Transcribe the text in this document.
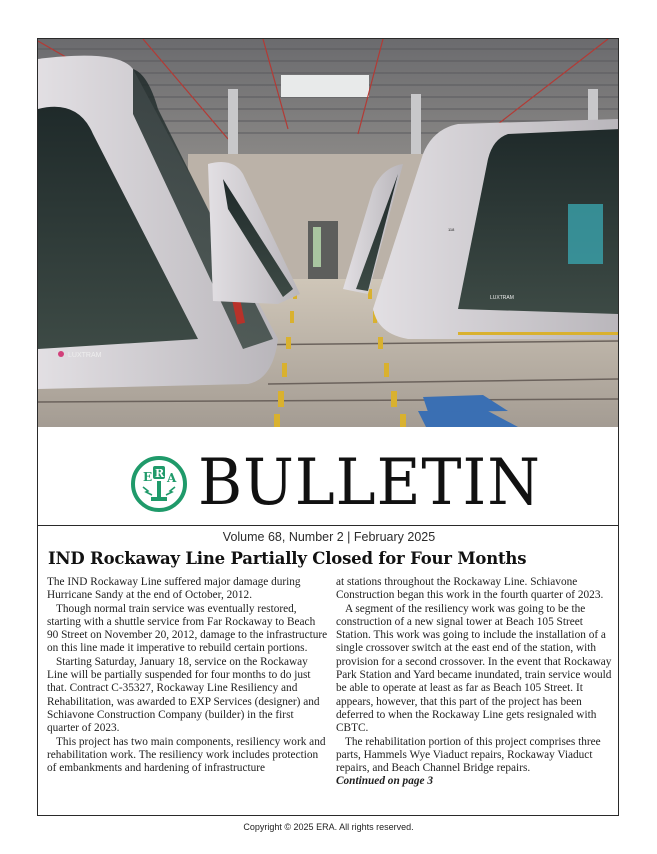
LUXTRAM
LUXTRAM
118
E R A BULLETIN
Volume 68, Number 2 | February 2025
IND Rockaway Line Partially Closed for Four Months

The IND Rockaway Line suffered major damage during Hurricane Sandy at the end of October, 2012.

Though normal train service was eventually restored, starting with a shuttle service from Far Rockaway to Beach 90 Street on November 20, 2012, damage to the infrastructure on this line made it imperative to rebuild certain portions.

Starting Saturday, January 18, service on the Rockaway Line will be partially suspended for four months to do just that. Contract C-35327, Rockaway Line Resiliency and Rehabilitation, was awarded to EXP Services (designer) and Schiavone Construction Company (builder) in the first quarter of 2023.

This project has two main components, resiliency work and rehabilitation work. The resiliency work includes protection of embankments and hardening of infrastructure

at stations throughout the Rockaway Line. Schiavone Construction began this work in the fourth quarter of 2023.

A segment of the resiliency work was going to be the construction of a new signal tower at Beach 105 Street Station. This work was going to include the installation of a single crossover switch at the east end of the station, with provision for a second crossover. In the event that Rockaway Park Station and Yard became inundated, train service would be able to operate at least as far as Beach 105 Street. It appears, however, that this part of the project has been deferred to when the Rockaway Line gets resignaled with CBTC.

The rehabilitation portion of this project comprises three parts, Hammels Wye Viaduct repairs, Rockaway Viaduct repairs, and Beach Channel Bridge repairs.

Continued on page 3

Copyright © 2025 ERA. All rights reserved.
